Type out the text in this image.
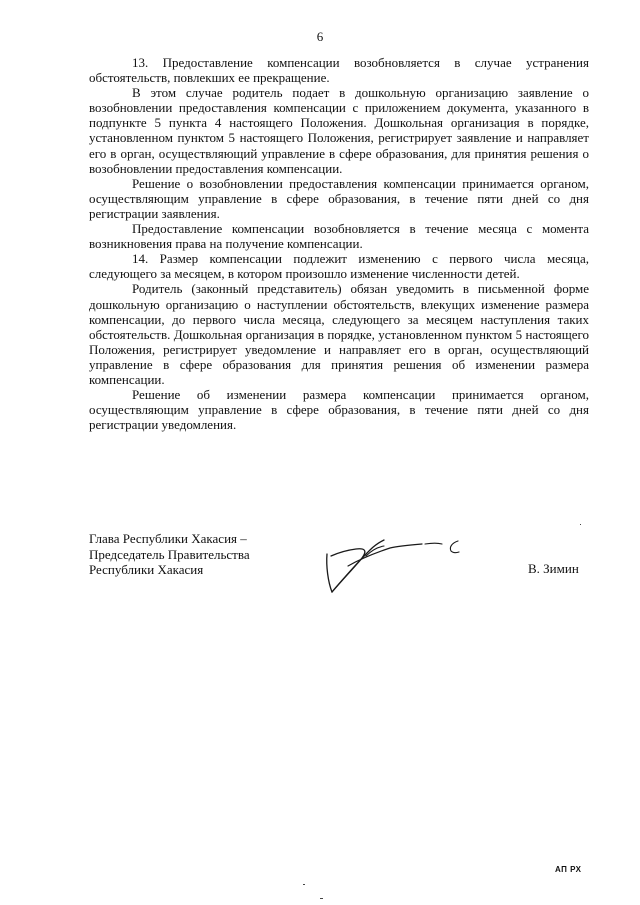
6

13. Предоставление компенсации возобновляется в случае устранения обстоятельств, повлекших ее прекращение.

В этом случае родитель подает в дошкольную организацию заявление о возобновлении предоставления компенсации с приложением документа, указанного в подпункте 5 пункта 4 настоящего Положения. Дошкольная организация в порядке, установленном пунктом 5 настоящего Положения, регистрирует заявление и направляет его в орган, осуществляющий управление в сфере образования, для принятия решения о возобновлении предоставления компенсации.

Решение о возобновлении предоставления компенсации принимается органом, осуществляющим управление в сфере образования, в течение пяти дней со дня регистрации заявления.

Предоставление компенсации возобновляется в течение месяца с момента возникновения права на получение компенсации.

14. Размер компенсации подлежит изменению с первого числа месяца, следующего за месяцем, в котором произошло изменение численности детей.

Родитель (законный представитель) обязан уведомить в письменной форме дошкольную организацию о наступлении обстоятельств, влекущих изменение размера компенсации, до первого числа месяца, следующего за месяцем наступления таких обстоятельств. Дошкольная организация в порядке, установленном пунктом 5 настоящего Положения, регистрирует уведомление и направляет его в орган, осуществляющий управление в сфере образования для принятия решения об изменении размера компенсации.

Решение об изменении размера компенсации принимается органом, осуществляющим управление в сфере образования, в течение пяти дней со дня регистрации уведомления.

Глава Республики Хакасия –
Председатель Правительства
Республики Хакасия	В. Зимин
АП РХ
